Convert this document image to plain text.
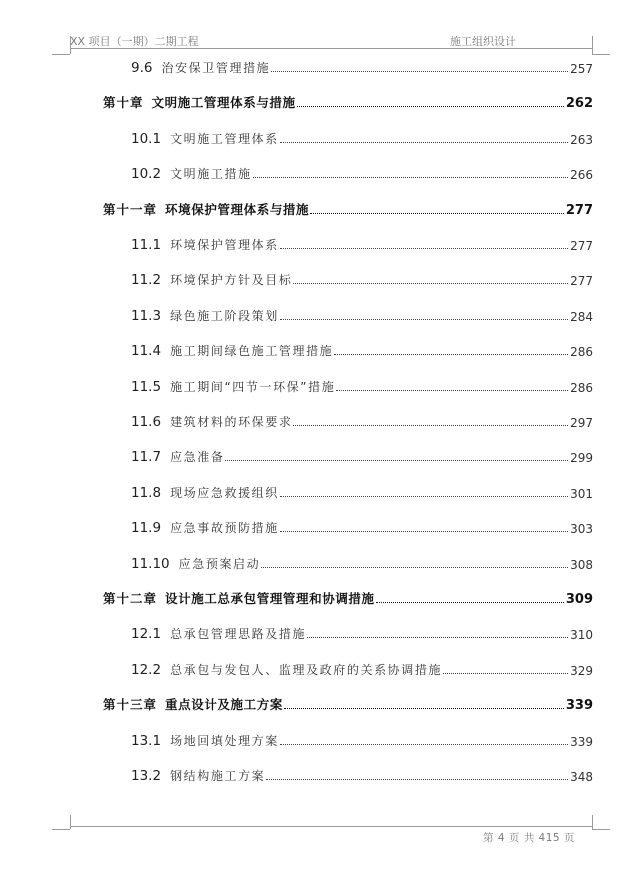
XX 项目（一期）二期工程	施工组织设计
9.6 治安保卫管理措施	257
第十章 文明施工管理体系与措施	262
10.1 文明施工管理体系	263
10.2 文明施工措施	266
第十一章 环境保护管理体系与措施	277
11.1 环境保护管理体系	277
11.2 环境保护方针及目标	277
11.3 绿色施工阶段策划	284
11.4 施工期间绿色施工管理措施	286
11.5 施工期间“四节一环保”措施	286
11.6 建筑材料的环保要求	297
11.7 应急准备	299
11.8 现场应急救援组织	301
11.9 应急事故预防措施	303
11.10 应急预案启动	308
第十二章 设计施工总承包管理管理和协调措施	309
12.1 总承包管理思路及措施	310
12.2 总承包与发包人、监理及政府的关系协调措施	329
第十三章 重点设计及施工方案	339
13.1 场地回填处理方案	339
13.2 钢结构施工方案	348
第 4 页 共 415 页
